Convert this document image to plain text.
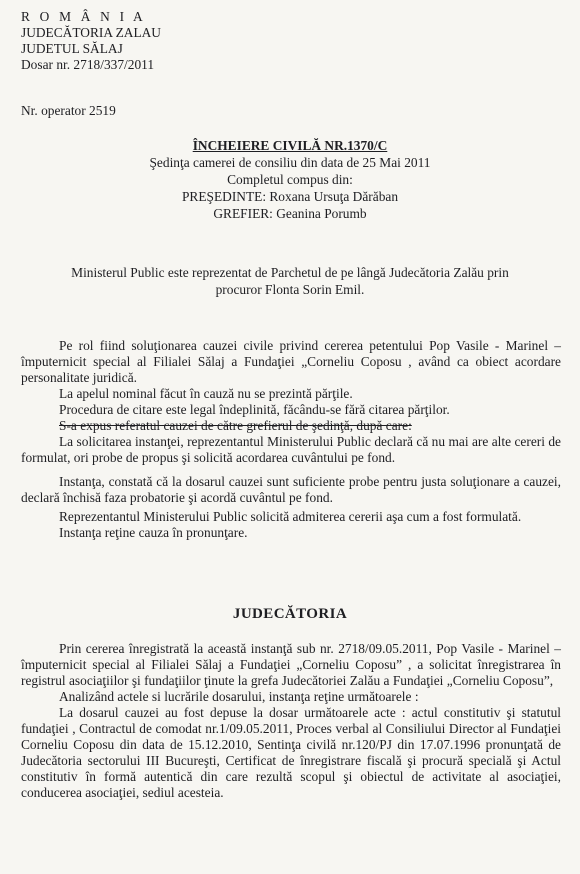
R O M Â N I A
JUDECĂTORIA ZALAU
JUDETUL SĂLAJ
Dosar nr. 2718/337/2011
Nr. operator 2519
ÎNCHEIERE CIVILĂ NR.1370/C
Şedinţa camerei de consiliu din data de 25 Mai 2011
Completul compus din:
PREŞEDINTE: Roxana Ursuţa Dărăban
GREFIER: Geanina Porumb
Ministerul Public este reprezentat de Parchetul de pe lângă Judecătoria Zalău prin
procuror Flonta Sorin Emil.
Pe rol fiind soluţionarea cauzei civile privind cererea petentului Pop Vasile - Marinel – împuternicit special al Filialei Sălaj a Fundaţiei „Corneliu Coposu , având ca obiect acordare personalitate juridică.
La apelul nominal făcut în cauză nu se prezintă părţile.
Procedura de citare este legal îndeplinită, făcându-se fără citarea părţilor.
S-a expus referatul cauzei de către grefierul de şedinţă, după care:
La solicitarea instanţei, reprezentantul Ministerului Public declară că nu mai are alte cereri de formulat, ori probe de propus şi solicită acordarea cuvântului pe fond.
Instanţa, constată că la dosarul cauzei sunt suficiente probe pentru justa soluţionare a cauzei, declară închisă faza probatorie şi acordă cuvântul pe fond.
Reprezentantul Ministerului Public solicită admiterea cererii aşa cum a fost formulată.
Instanţa reţine cauza în pronunţare.
JUDECĂTORIA
Prin cererea înregistrată la această instanţă sub nr. 2718/09.05.2011, Pop Vasile - Marinel – împuternicit special al Filialei Sălaj a Fundaţiei „Corneliu Coposu” , a solicitat înregistrarea în registrul asociaţiilor şi fundaţiilor ţinute la grefa Judecătoriei Zalău a Fundaţiei „Corneliu Coposu”,
Analizând actele si lucrările dosarului, instanţa reţine următoarele :
La dosarul cauzei au fost depuse la dosar următoarele acte : actul constitutiv şi statutul fundaţiei , Contractul de comodat nr.1/09.05.2011, Proces verbal al Consiliului Director al Fundaţiei Corneliu Coposu din data de 15.12.2010, Sentinţa civilă nr.120/PJ din 17.07.1996 pronunţată de Judecătoria sectorului III Bucureşti, Certificat de înregistrare fiscală şi procură specială şi Actul constitutiv în formă autentică din care rezultă scopul şi obiectul de activitate al asociaţiei, conducerea asociaţiei, sediul acesteia.
